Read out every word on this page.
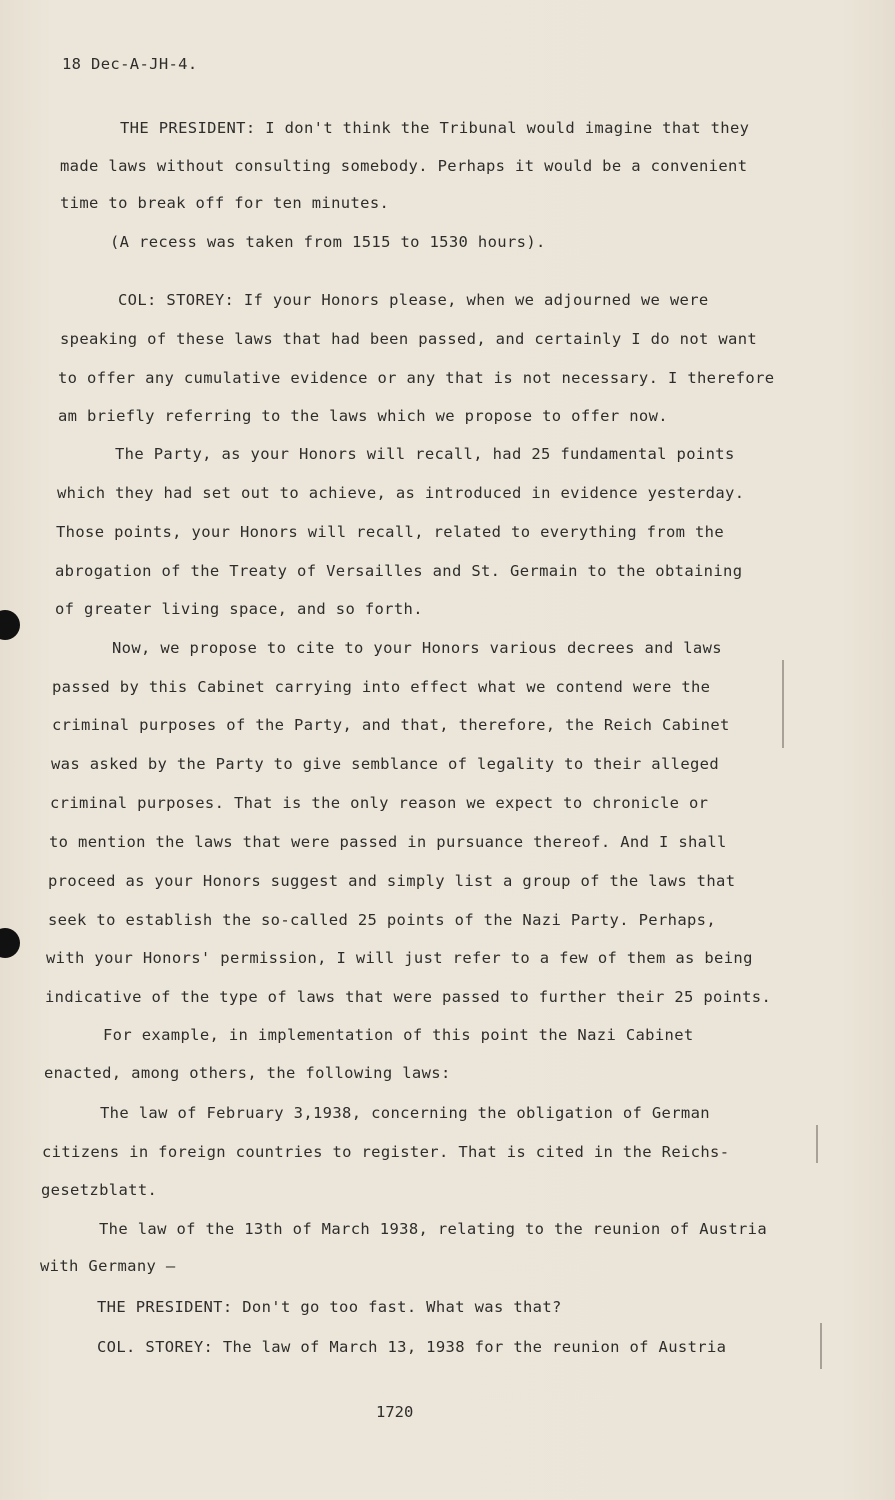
18 Dec-A-JH-4.
THE PRESIDENT: I don't think the Tribunal would imagine that they
made laws without consulting somebody. Perhaps it would be a convenient
time to break off for ten minutes.
(A recess was taken from 1515 to 1530 hours).
COL: STOREY: If your Honors please, when we adjourned we were
speaking of these laws that had been passed, and certainly I do not want
to offer any cumulative evidence or any that is not necessary. I therefore
am briefly referring to the laws which we propose to offer now.
The Party, as your Honors will recall, had 25 fundamental points
which they had set out to achieve, as introduced in evidence yesterday.
Those points, your Honors will recall, related to everything from the
abrogation of the Treaty of Versailles and St. Germain to the obtaining
of greater living space, and so forth.
Now, we propose to cite to your Honors various decrees and laws
passed by this Cabinet carrying into effect what we contend were the
criminal purposes of the Party, and that, therefore, the Reich Cabinet
was asked by the Party to give semblance of legality to their alleged
criminal purposes. That is the only reason we expect to chronicle or
to mention the laws that were passed in pursuance thereof. And I shall
proceed as your Honors suggest and simply list a group of the laws that
seek to establish the so-called 25 points of the Nazi Party. Perhaps,
with your Honors' permission, I will just refer to a few of them as being
indicative of the type of laws that were passed to further their 25 points.
For example, in implementation of this point the Nazi Cabinet
enacted, among others, the following laws:
The law of February 3,1938, concerning the obligation of German
citizens in foreign countries to register. That is cited in the Reichs-
gesetzblatt.
The law of the 13th of March 1938, relating to the reunion of Austria
with Germany —
THE PRESIDENT: Don't go too fast. What was that?
COL. STOREY: The law of March 13, 1938 for the reunion of Austria
1720
